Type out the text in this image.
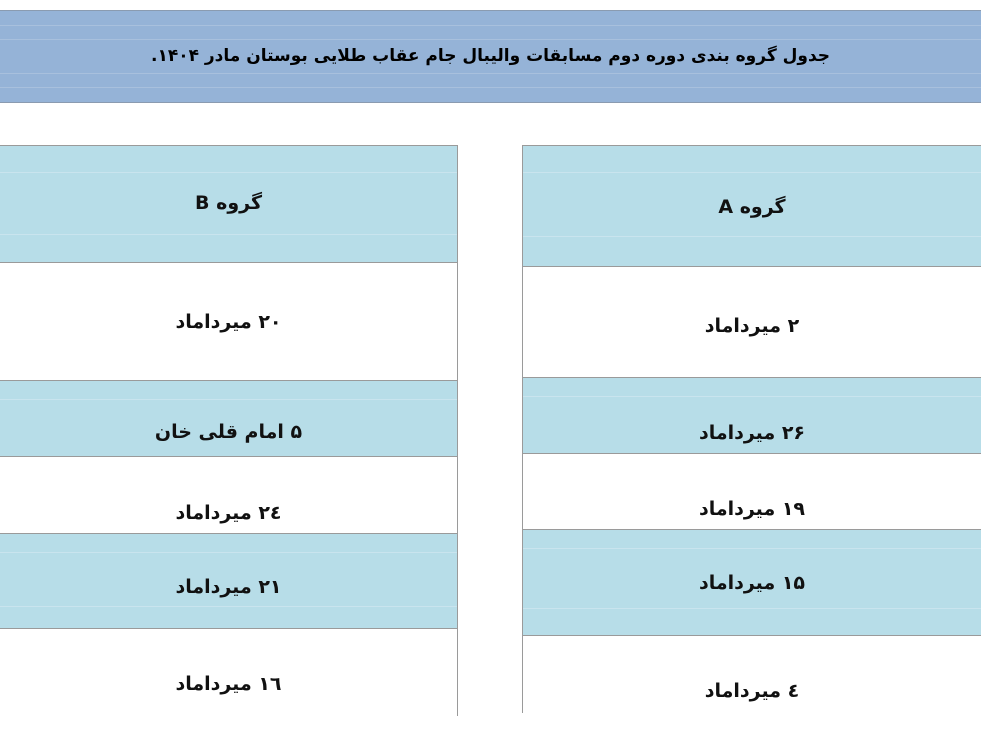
جدول گروه بندی دوره دوم مسابقات والیبال جام عقاب طلایی بوستان مادر ۱۴۰۴.
گروه B
۲۰ میرداماد
۵ امام قلی خان
۲٤ میرداماد
۲۱ میرداماد
۱٦ میرداماد
گروه A
۲ میرداماد
۲۶ میرداماد
۱۹ میرداماد
۱۵ میرداماد
٤ میرداماد
